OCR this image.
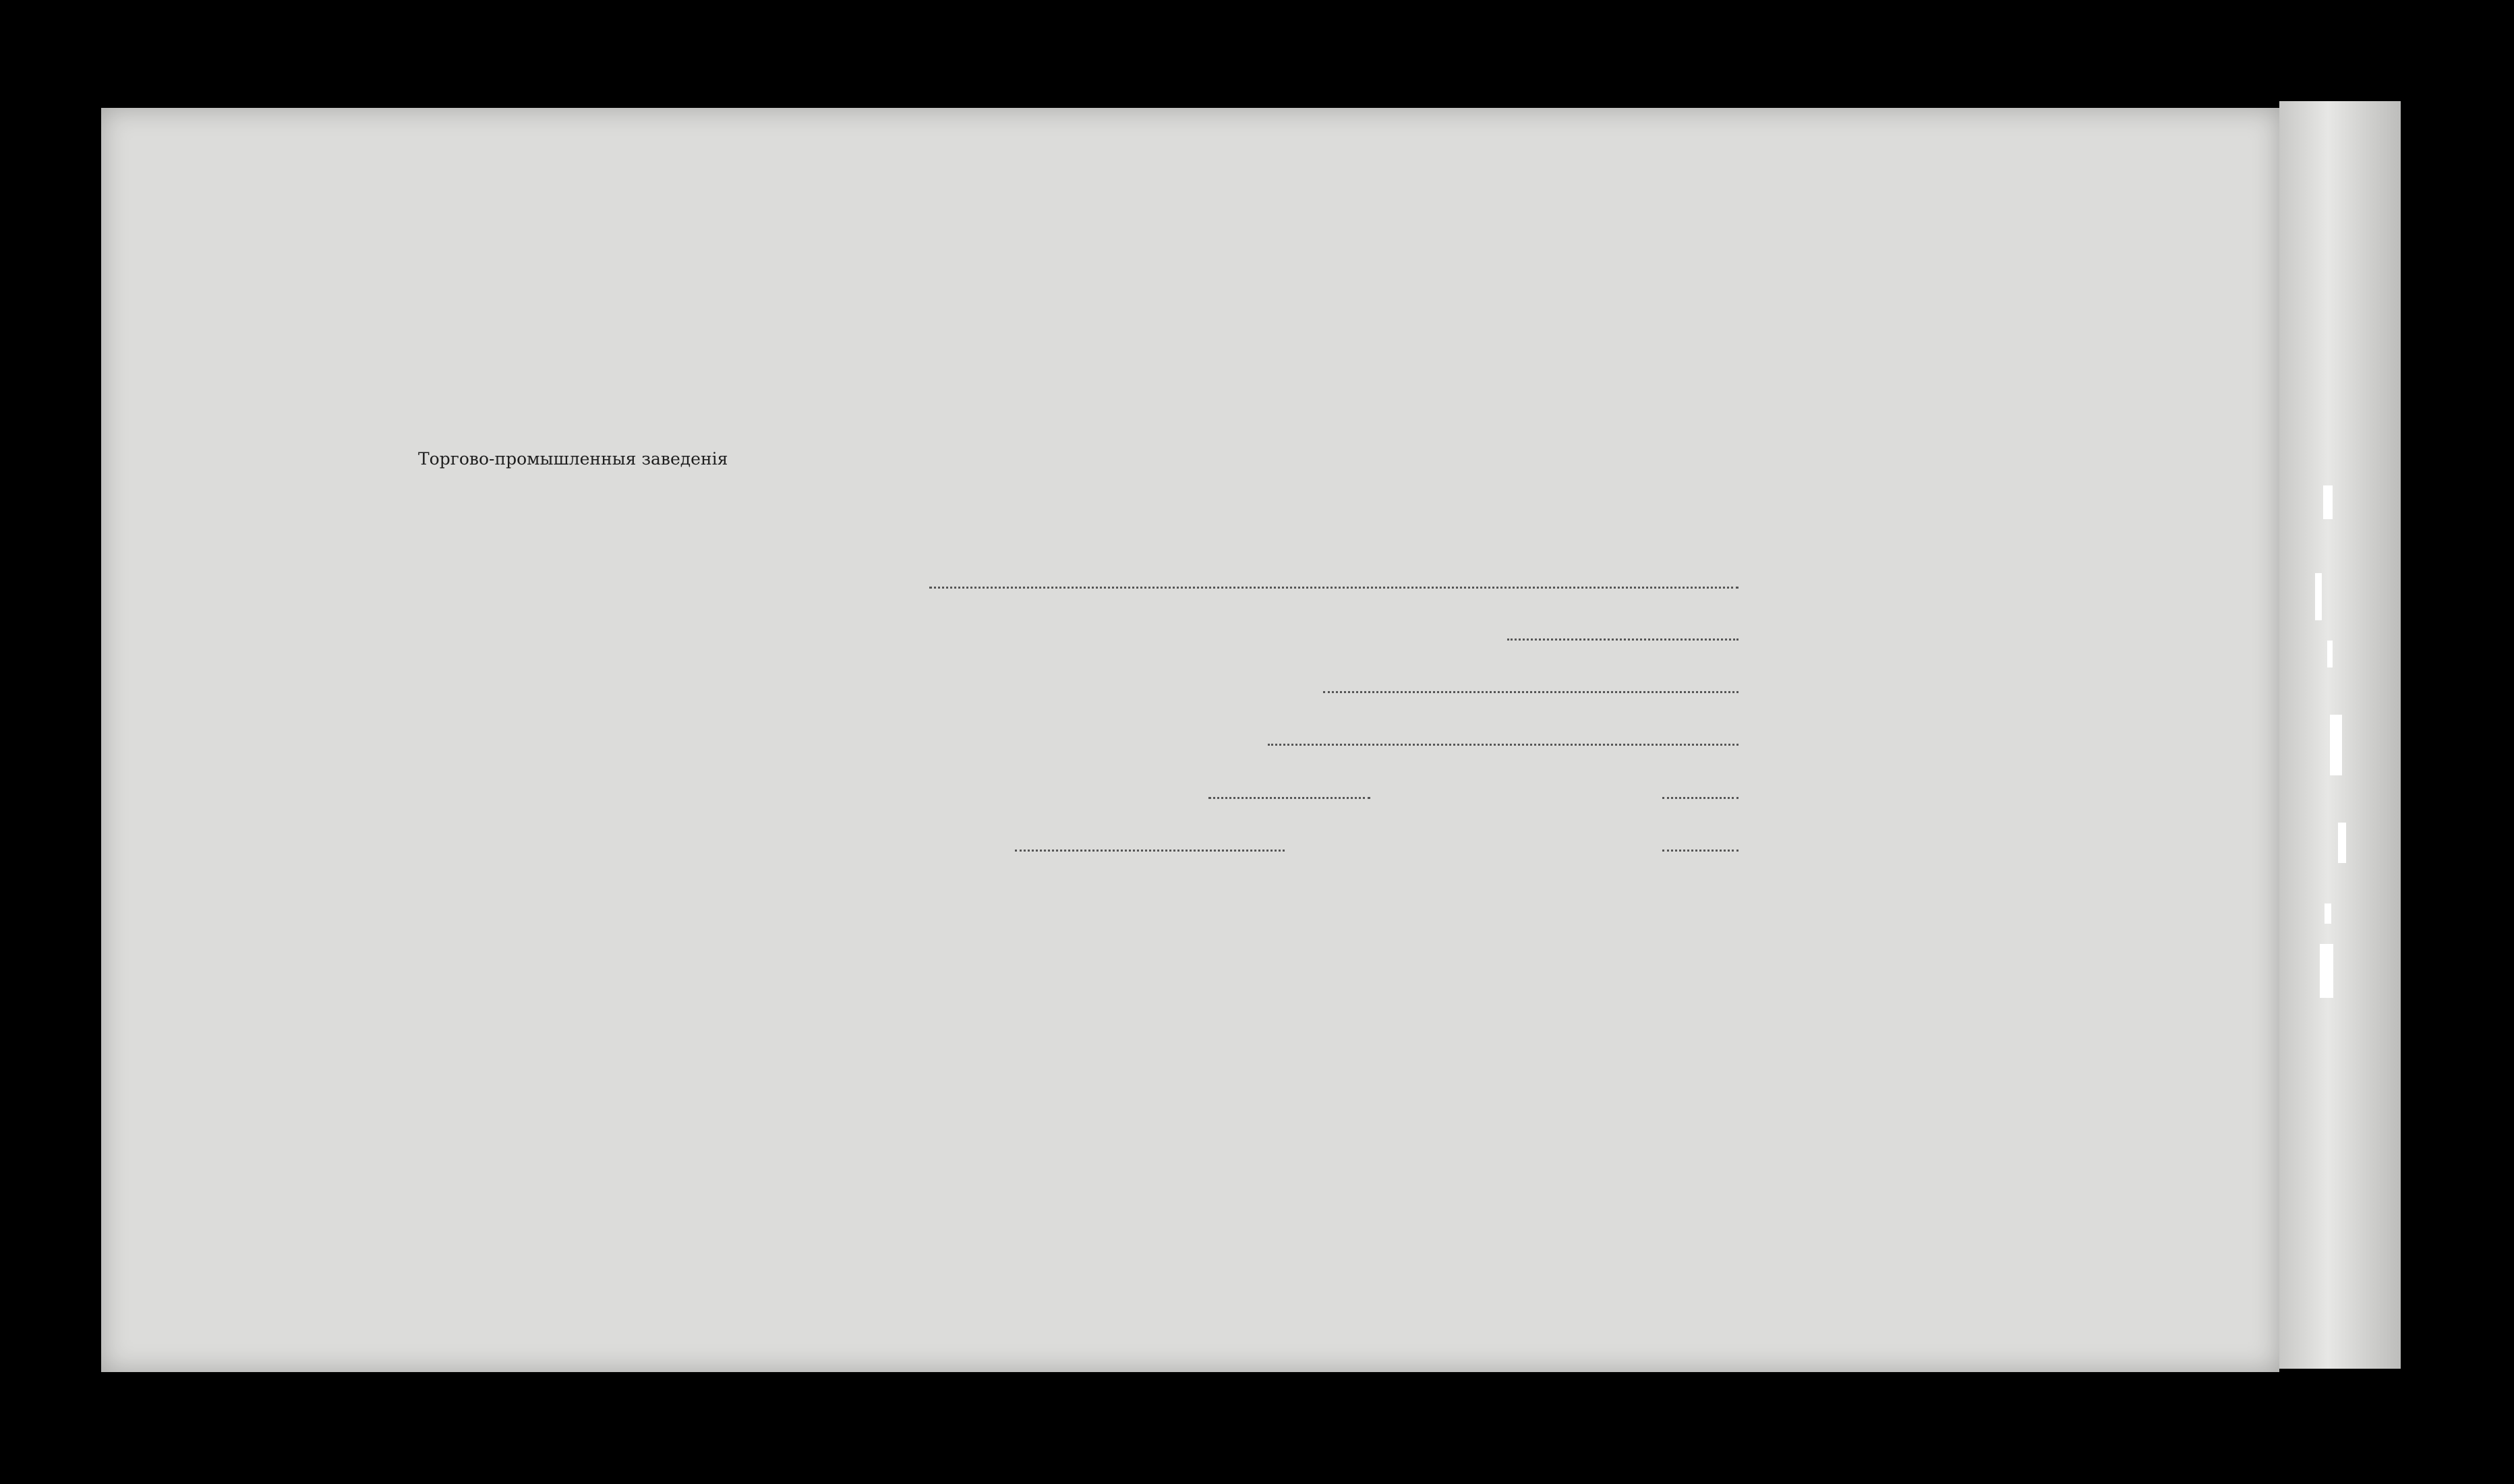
Торгово-промышленныя заведенія
